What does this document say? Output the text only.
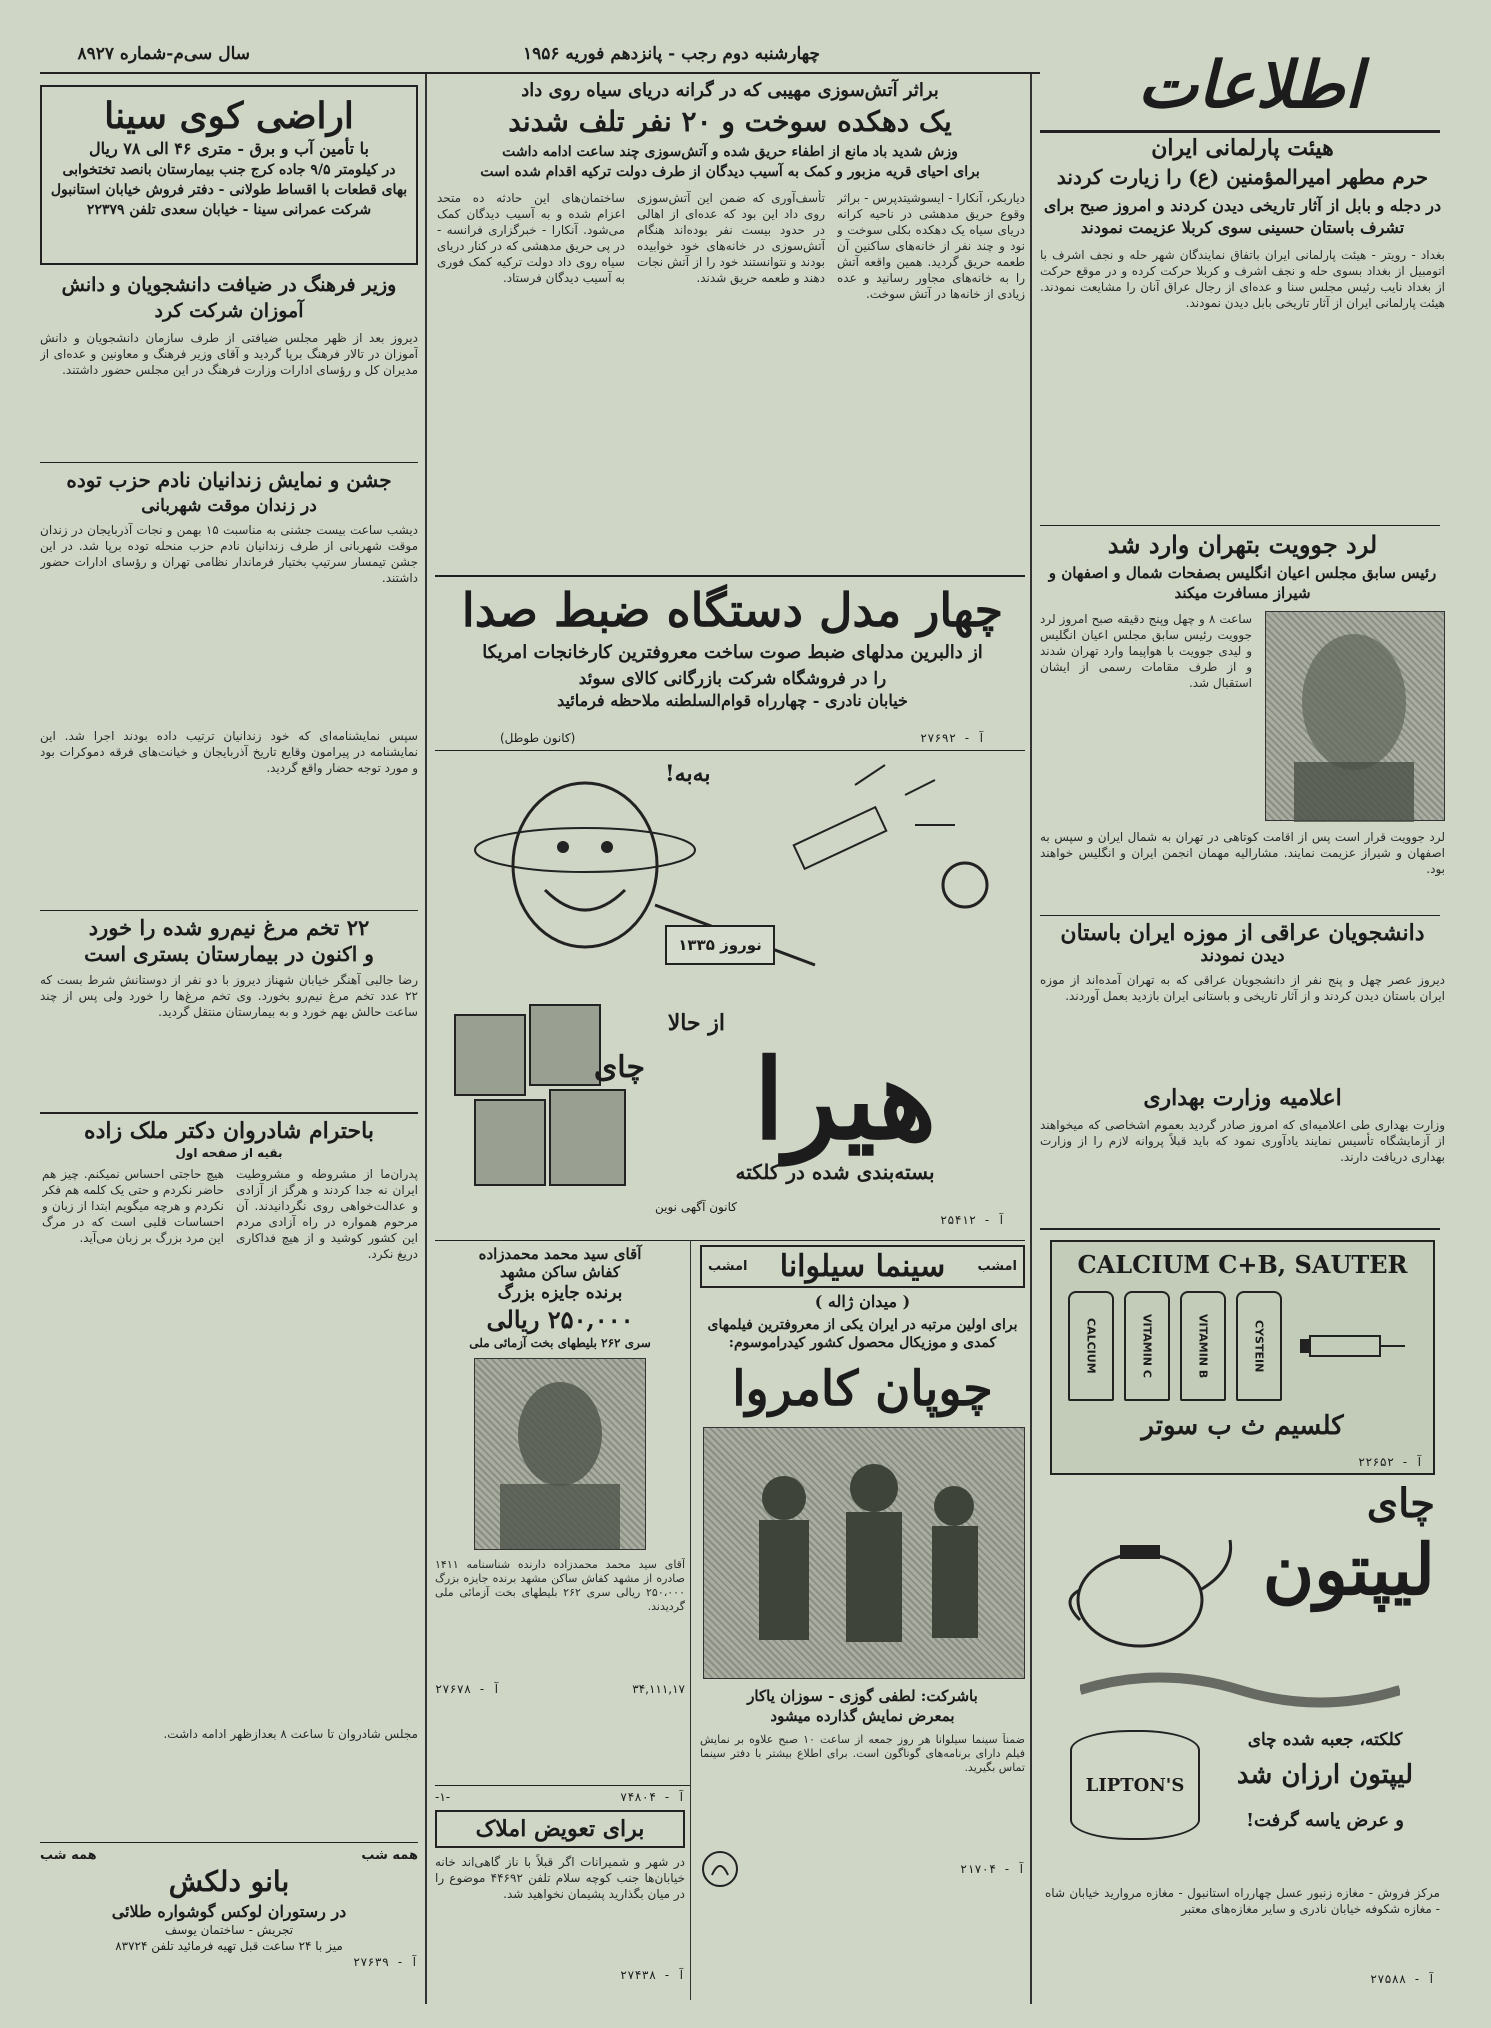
سال سی‌م-شماره ۸۹۲۷	چهارشنبه دوم رجب - پانزدهم فوریه ۱۹۵۶	اطلاعات
هیئت پارلمانی ایران
حرم مطهر امیرالمؤمنین (ع) را زیارت کردند
در دجله و بابل از آثار تاریخی دیدن کردند و امروز صبح برای تشرف باستان حسینی سوی کربلا عزیمت نمودند
بغداد - رویتر - هیئت پارلمانی ایران باتفاق نمایندگان شهر حله و نجف اشرف با اتومبیل از بغداد بسوی حله و نجف اشرف و کربلا حرکت کرده و در موقع حرکت از بغداد نایب رئیس مجلس سنا و عده‌ای از رجال عراق آنان را مشایعت نمودند. هیئت پارلمانی ایران از آثار تاریخی بابل دیدن نمودند.
لرد جوویت بتهران وارد شد
رئیس سابق مجلس اعیان انگلیس بصفحات شمال و اصفهان و شیراز مسافرت میکند
ساعت ۸ و چهل وپنج دقیقه صبح امروز لرد جوویت رئیس سابق مجلس اعیان انگلیس و لیدی جوویت با هواپیما وارد تهران شدند و از طرف مقامات رسمی از ایشان استقبال شد.
لرد جوویت قرار است پس از اقامت کوتاهی در تهران به شمال ایران و سپس به اصفهان و شیراز عزیمت نمایند. مشارالیه مهمان انجمن ایران و انگلیس خواهند بود.
دانشجویان عراقی از موزه ایران باستان
دیدن نمودند
دیروز عصر چهل و پنج نفر از دانشجویان عراقی که به تهران آمده‌اند از موزه ایران باستان دیدن کردند و از آثار تاریخی و باستانی ایران بازدید بعمل آوردند.
اعلامیه وزارت بهداری
وزارت بهداری طی اعلامیه‌ای که امروز صادر گردید بعموم اشخاصی که میخواهند از آزمایشگاه تأسیس نمایند یادآوری نمود که باید قبلاً پروانه لازم را از وزارت بهداری دریافت دارند.
CALCIUM C+B, SAUTER
CALCIUM	VITAMIN C	VITAMIN B	CYSTEIN
کلسیم ث ب سوتر
آ - ۲۲۶۵۲
چای
لیپتون
LIPTON'S
کلکته، جعبه شده چای
لیپتون ارزان شد
و عرض یاسه گرفت!
مرکز فروش - مغازه زنبور عسل چهارراه استانبول - مغازه مروارید خیابان شاه - مغازه شکوفه خیابان نادری و سایر مغازه‌های معتبر
آ - ۲۷۵۸۸
براثر آتش‌سوزی مهیبی که در گرانه دریای سیاه روی داد
یک دهکده سوخت و ۲۰ نفر تلف شدند
وزش شدید باد مانع از اطفاء حریق شده و آتش‌سوزی چند ساعت ادامه داشت
برای احیای قریه مزبور و کمک به آسیب دیدگان از طرف دولت ترکیه اقدام شده است
دیاربکر، آنکارا - ایسوشیتدپرس - براثر وقوع حریق مدهشی در ناحیه کرانه دریای سیاه یک دهکده بکلی سوخت و نود و چند نفر از خانه‌های ساکنین آن طعمه حریق گردید. همین واقعه آتش را به خانه‌های مجاور رسانید و عده زیادی از خانه‌ها در آتش سوخت.
تأسف‌آوری که ضمن این آتش‌سوزی روی داد این بود که عده‌ای از اهالی در حدود بیست نفر بوده‌اند هنگام آتش‌سوزی در خانه‌های خود خوابیده بودند و نتوانستند خود را از آتش نجات دهند و طعمه حریق شدند.
ساختمان‌های این حادثه ده متحد اعزام شده و به آسیب دیدگان کمک می‌شود. آنکارا - خبرگزاری فرانسه - در پی حریق مدهشی که در کنار دریای سیاه روی داد دولت ترکیه کمک فوری به آسیب دیدگان فرستاد.
چهار مدل دستگاه ضبط صدا
از دالبرین مدلهای ضبط صوت ساخت معروفترین کارخانجات امریکا
را در فروشگاه شرکت بازرگانی کالای سوئد
خیابان نادری - چهارراه قوام‌السلطنه ملاحظه فرمائید
(کانون طوطل)	آ - ۲۷۶۹۲
به‌به!
نوروز ۱۳۳۵
از حالا
چای هیرا
بسته‌بندی شده در کلکته
کانون آگهی نوین
آ - ۲۵۴۱۲
آقای سید محمد محمدزاده
کفاش ساکن مشهد
برنده جایزه بزرگ
۲۵۰,۰۰۰ ریالی
سری ۲۶۲ بلیطهای بخت آزمائی ملی
آقای سید محمد محمدزاده دارنده شناسنامه ۱۴۱۱ صادره از مشهد کفاش ساکن مشهد برنده جایزه بزرگ ۲۵۰،۰۰۰ ریالی سری ۲۶۲ بلیطهای بخت آزمائی ملی گردیدند.
۳۴,۱۱۱,۱۷
آ - ۲۷۶۷۸
آ - ۷۴۸۰۴
-۱-
برای تعویض املاک
در شهر و شمیرانات اگر قبلاً با ناز گاهی‌اند خانه خیابان‌ها جنب کوچه سلام تلفن ۴۴۶۹۲ موضوع را در میان بگذارید پشیمان نخواهید شد.
آ - ۲۷۴۳۸
امشب
سینما سیلوانا
امشب
( میدان ژاله )
برای اولین مرتبه در ایران یکی از معروفترین فیلمهای
کمدی و موزیکال محصول کشور کیدراموسوم:
چوپان کامروا
باشرکت: لطفی گوزی - سوزان یاکار
بمعرض نمایش گذارده میشود
ضمناً سینما سیلوانا هر روز جمعه از ساعت ۱۰ صبح علاوه بر نمایش فیلم دارای برنامه‌های گوناگون است. برای اطلاع بیشتر با دفتر سینما تماس بگیرید.
آ - ۲۱۷۰۴
اراضی کوی سینا
با تأمین آب و برق - متری ۴۶ الی ۷۸ ریال
در کیلومتر ۹/۵ جاده کرج جنب بیمارستان بانصد تختخوابی
بهای قطعات با اقساط طولانی - دفتر فروش خیابان استانبول
شرکت عمرانی سینا - خیابان سعدی تلفن ۲۲۳۷۹
وزیر فرهنگ در ضیافت دانشجویان و دانش آموزان شرکت کرد
دیروز بعد از ظهر مجلس ضیافتی از طرف سازمان دانشجویان و دانش آموزان در تالار فرهنگ برپا گردید و آقای وزیر فرهنگ و معاونین و عده‌ای از مدیران کل و رؤسای ادارات وزارت فرهنگ در این مجلس حضور داشتند.
جشن و نمایش زندانیان نادم حزب توده
در زندان موقت شهربانی
دیشب ساعت بیست جشنی به مناسبت ۱۵ بهمن و نجات آذربایجان در زندان موقت شهربانی از طرف زندانیان نادم حزب منحله توده برپا شد. در این جشن تیمسار سرتیپ بختیار فرماندار نظامی تهران و رؤسای ادارات حضور داشتند.
سپس نمایشنامه‌ای که خود زندانیان ترتیب داده بودند اجرا شد. این نمایشنامه در پیرامون وقایع تاریخ آذربایجان و خیانت‌های فرقه دموکرات بود و مورد توجه حضار واقع گردید.
۲۲ تخم مرغ نیم‌رو شده را خورد
و اکنون در بیمارستان بستری است
رضا جالبی آهنگر خیابان شهناز دیروز با دو نفر از دوستانش شرط بست که ۲۲ عدد تخم مرغ نیم‌رو بخورد. وی تخم مرغ‌ها را خورد ولی پس از چند ساعت حالش بهم خورد و به بیمارستان منتقل گردید.
باحترام شادروان دکتر ملک زاده
بقیه از صفحه اول
پدران‌ما از مشروطه و مشروطیت ایران نه جدا کردند و هرگز از آزادی و عدالت‌خواهی روی نگردانیدند. آن مرحوم همواره در راه آزادی مردم این کشور کوشید و از هیچ فداکاری دریغ نکرد.
هیچ حاجتی احساس نمیکنم. چیز هم حاضر نکردم و حتی یک کلمه هم فکر نکردم و هرچه میگویم ابتدا از زبان و احساسات قلبی است که در مرگ این مرد بزرگ بر زبان می‌آید.
مجلس شادروان تا ساعت ۸ بعدازظهر ادامه داشت.
همه شب
همه شب
بانو دلکش
در رستوران لوکس گوشواره طلائی
تجریش - ساختمان یوسف
میز با ۲۴ ساعت قبل تهیه فرمائید تلفن ۸۳۷۲۴
آ - ۲۷۶۳۹
